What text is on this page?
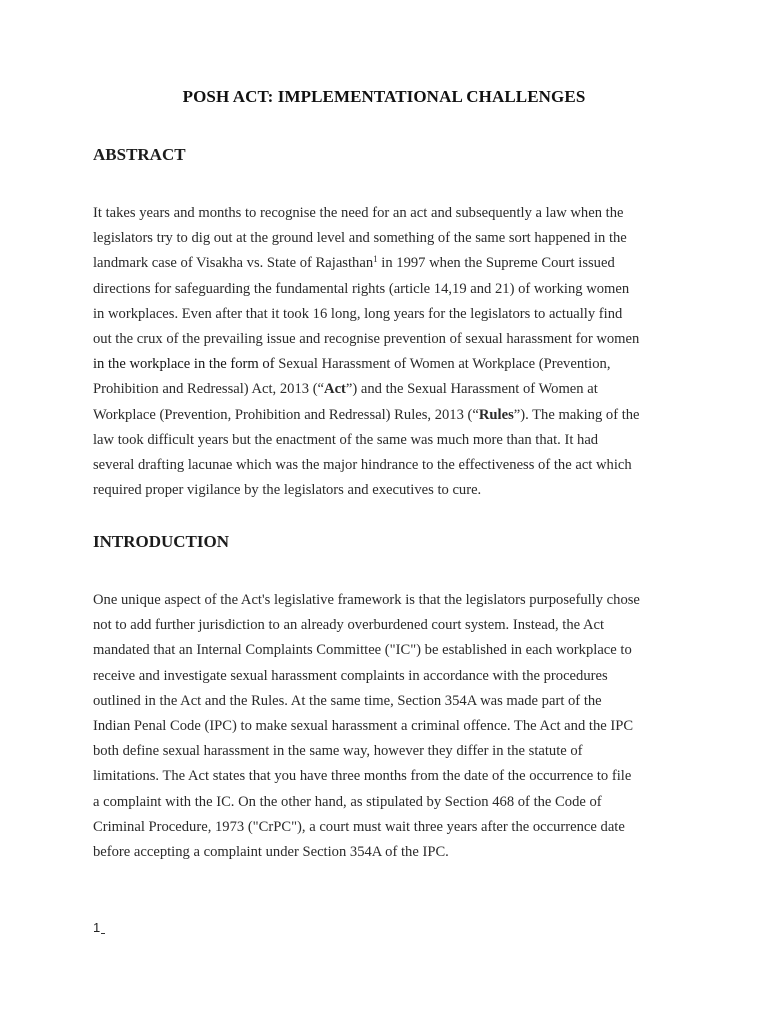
POSH ACT: IMPLEMENTATIONAL CHALLENGES
ABSTRACT
It takes years and months to recognise the need for an act and subsequently a law when the
legislators try to dig out at the ground level and something of the same sort happened in the
landmark case of Visakha vs. State of Rajasthan$^1$ in 1997 when the Supreme Court issued
directions for safeguarding the fundamental rights (article 14,19 and 21) of working women
in workplaces. Even after that it took 16 long, long years for the legislators to actually find
out the crux of the prevailing issue and recognise prevention of sexual harassment for women
in the workplace in the form of Sexual Harassment of Women at Workplace (Prevention,
Prohibition and Redressal) Act, 2013 (“Act”) and the Sexual Harassment of Women at
Workplace (Prevention, Prohibition and Redressal) Rules, 2013 (“Rules”). The making of the
law took difficult years but the enactment of the same was much more than that. It had
several drafting lacunae which was the major hindrance to the effectiveness of the act which
required proper vigilance by the legislators and executives to cure.
INTRODUCTION
One unique aspect of the Act's legislative framework is that the legislators purposefully chose
not to add further jurisdiction to an already overburdened court system. Instead, the Act
mandated that an Internal Complaints Committee ("IC") be established in each workplace to
receive and investigate sexual harassment complaints in accordance with the procedures
outlined in the Act and the Rules. At the same time, Section 354A was made part of the
Indian Penal Code (IPC) to make sexual harassment a criminal offence. The Act and the IPC
both define sexual harassment in the same way, however they differ in the statute of
limitations. The Act states that you have three months from the date of the occurrence to file
a complaint with the IC. On the other hand, as stipulated by Section 468 of the Code of
Criminal Procedure, 1973 ("CrPC"), a court must wait three years after the occurrence date
before accepting a complaint under Section 354A of the IPC.
1
